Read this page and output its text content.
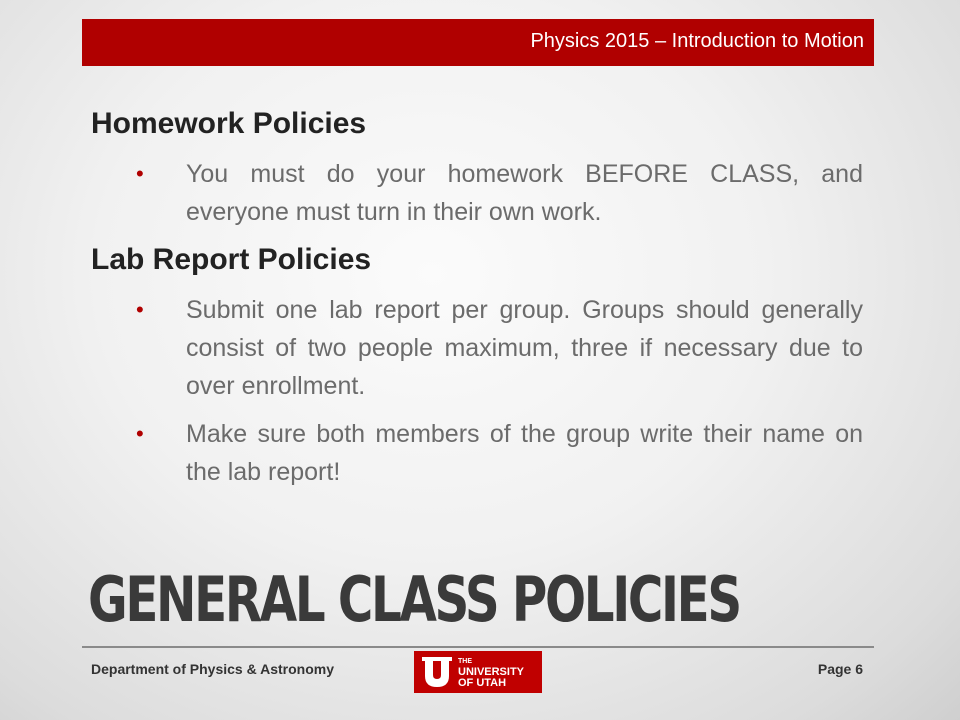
Physics 2015 – Introduction to Motion
Homework Policies
• You must do your homework BEFORE CLASS, and everyone must turn in their own work.
Lab Report Policies
• Submit one lab report per group. Groups should generally consist of two people maximum, three if necessary due to over enrollment.
• Make sure both members of the group write their name on the lab report!
GENERAL CLASS POLICIES
Department of Physics & Astronomy	THE
UNIVERSITY
OF UTAH
Page 6
